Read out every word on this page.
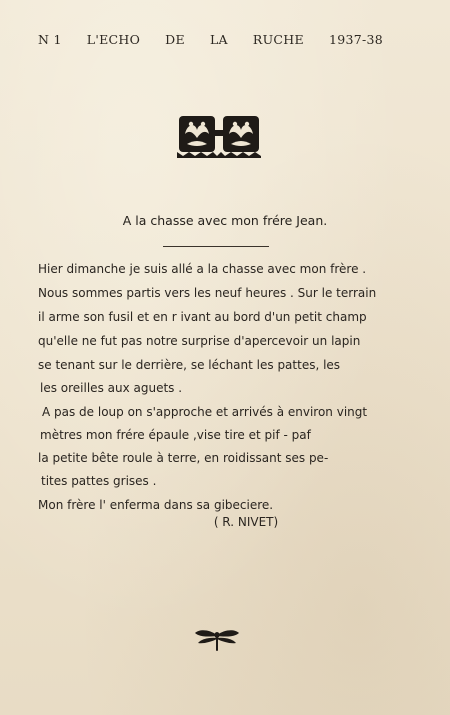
N 1 L'ECHO DE LA RUCHE 1937-38
A la chasse avec mon frére Jean.
Hier dimanche je suis allé a la chasse avec mon frère .
Nous sommes partis vers les neuf heures . Sur le terrain
il arme son fusil et en r ivant au bord d'un petit champ
qu'elle ne fut pas notre surprise d'apercevoir un lapin
se tenant sur le derrière, se léchant les pattes, les
les oreilles aux aguets .
A pas de loup on s'approche et arrivés à environ vingt
mètres mon frére épaule ,vise tire et pif - paf
la petite bête roule à terre, en roidissant ses pe-
tites pattes grises .
Mon frère l' enferma dans sa gibeciere.
( R. NIVET)
